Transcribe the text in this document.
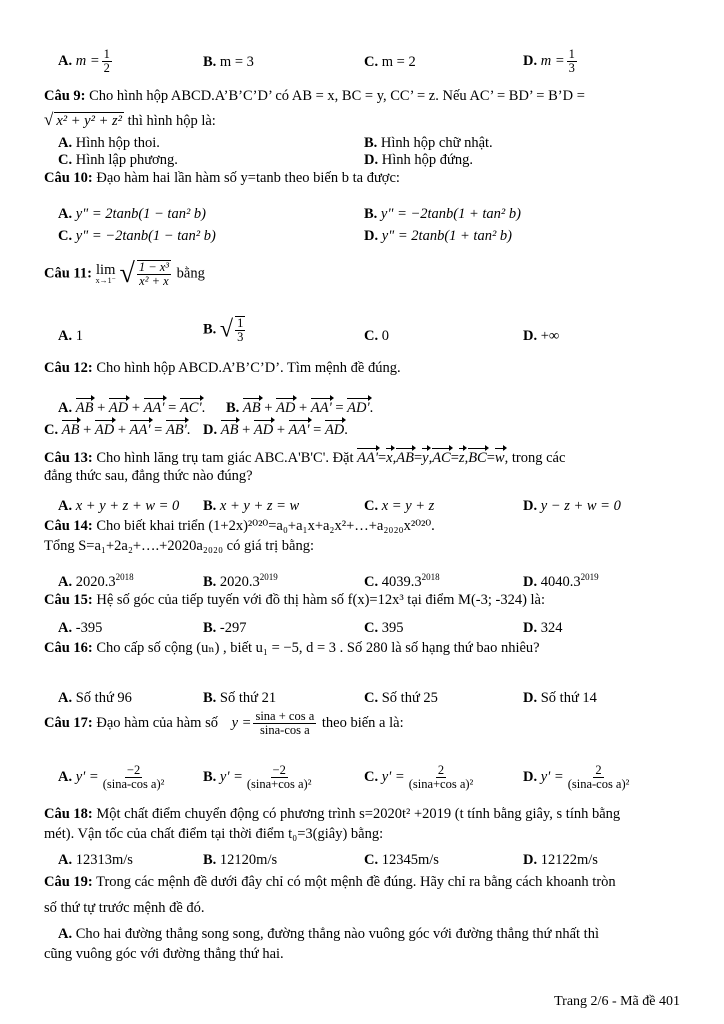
A. $m = \frac{1}{2}$	B. m = 3	C. m = 2	D. $m = \frac{1}{3}$
Câu 9: Cho hình hộp ABCD.A’B’C’D’ có AB = x, BC = y, CC’ = z. Nếu AC’ = BD’ = B’D =
√ x² + y² + z² thì hình hộp là:
A. Hình hộp thoi.	B. Hình hộp chữ nhật.
C. Hình lập phương.	D. Hình hộp đứng.
Câu 10: Đạo hàm hai lần hàm số y=tanb theo biến b ta được:
A. y" = 2tanb(1 − tan² b)	B. y" = −2tanb(1 + tan² b)
C. y" = −2tanb(1 − tan² b)	D. y" = 2tanb(1 + tan² b)
Câu 11: lim
x→1⁻ √ $\frac{\text{1 − x³}}{\text{x² + x}}$ bằng
A. 1	B. √ $\frac{1}{3}$	C. 0	D. +∞
Câu 12: Cho hình hộp ABCD.A’B’C’D’. Tìm mệnh đề đúng.
A. AB + AD + AA' = AC'. B. AB + AD + AA' = AD'.
C. AB + AD + AA' = AB'. D. AB + AD + AA' = AD.
Câu 13: Cho hình lăng trụ tam giác ABC.A'B'C'. Đặt AA'=x,AB=y,AC=z,BC=w, trong các
đẳng thức sau, đẳng thức nào đúng?
A. x + y + z + w = 0 B. x + y + z = w	C. x = y + z	D. y − z + w = 0
Câu 14: Cho biết khai triển (1+2x)²⁰²⁰=a₀+a₁x+a₂x²+…+a₂₀₂₀x²⁰²⁰.
Tổng S=a₁+2a₂+….+2020a₂₀₂₀ có giá trị bằng:
A. $2020.3^{2018}$	B. $2020.3^{2019}$	C. $4039.3^{2018}$	D. $4040.3^{2019}$
Câu 15: Hệ số góc của tiếp tuyến với đồ thị hàm số f(x)=12x³ tại điểm M(-3; -324) là:
A. -395	B. -297	C. 395	D. 324
Câu 16: Cho cấp số cộng (uₙ) , biết u₁ = −5, d = 3 . Số 280 là số hạng thứ bao nhiêu?
A. Số thứ 96	B. Số thứ 21	C. Số thứ 25	D. Số thứ 14
Câu 17: Đạo hàm của hàm số $y = \frac{\text{sina + cos a}}{\text{sina-cos a}}$ theo biến a là:
A. $y' = \frac{-2}{\text{(sina-cos a)²}}$	B. $y' = \frac{-2}{\text{(sina+cos a)²}}$	C. $y' = \frac{2}{\text{(sina+cos a)²}}$	D. $y' = \frac{2}{\text{(sina-cos a)²}}$
Câu 18: Một chất điểm chuyển động có phương trình s=2020t² +2019 (t tính bằng giây, s tính bằng
mét). Vận tốc của chất điểm tại thời điểm t₀=3(giây) bằng:
A. 12313m/s	B. 12120m/s	C. 12345m/s	D. 12122m/s
Câu 19: Trong các mệnh đề dưới đây chỉ có một mệnh đề đúng. Hãy chỉ ra bằng cách khoanh tròn
số thứ tự trước mệnh đề đó.
A. Cho hai đường thẳng song song, đường thẳng nào vuông góc với đường thẳng thứ nhất thì
cũng vuông góc với đường thẳng thứ hai.
Trang 2/6 - Mã đề 401
